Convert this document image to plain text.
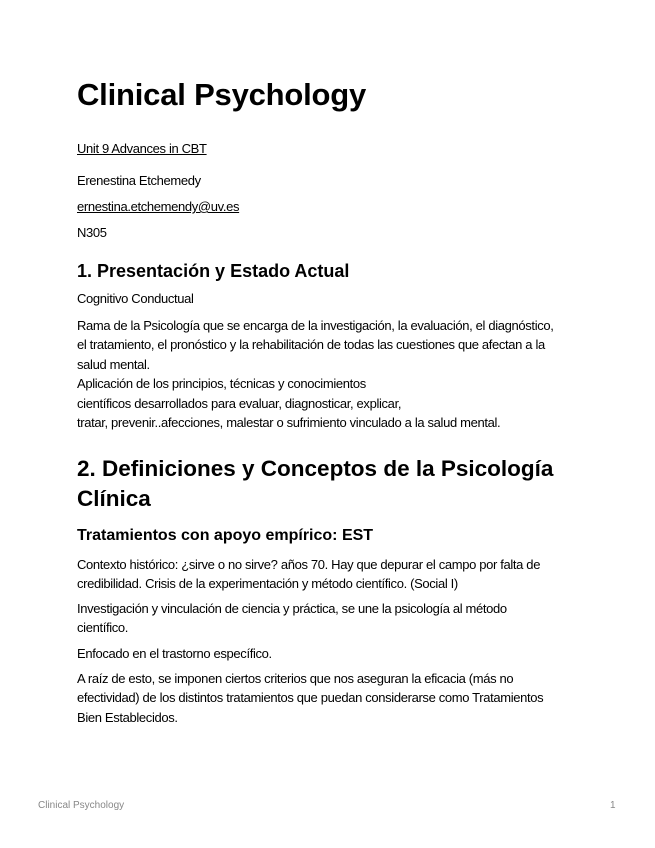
Clinical Psychology

Unit 9 Advances in CBT

Erenestina Etchemedy

ernestina.etchemendy@uv.es

N305

1. Presentación y Estado Actual

Cognitivo Conductual

Rama de la Psicología que se encarga de la investigación, la evaluación, el diagnóstico,
el tratamiento, el pronóstico y la rehabilitación de todas las cuestiones que afectan a la
salud mental.
Aplicación de los principios, técnicas y conocimientos
científicos desarrollados para evaluar, diagnosticar, explicar,
tratar, prevenir..afecciones, malestar o sufrimiento vinculado a la salud mental.
2. Definiciones y Conceptos de la Psicología Clínica
Tratamientos con apoyo empírico: EST
Contexto histórico: ¿sirve o no sirve? años 70. Hay que depurar el campo por falta de
credibilidad. Crisis de la experimentación y método científico. (Social I)
Investigación y vinculación de ciencia y práctica, se une la psicología al método
científico.
Enfocado en el trastorno específico.
A raíz de esto, se imponen ciertos criterios que nos aseguran la eficacia (más no
efectividad) de los distintos tratamientos que puedan considerarse como Tratamientos
Bien Establecidos.
Clinical Psychology	1
